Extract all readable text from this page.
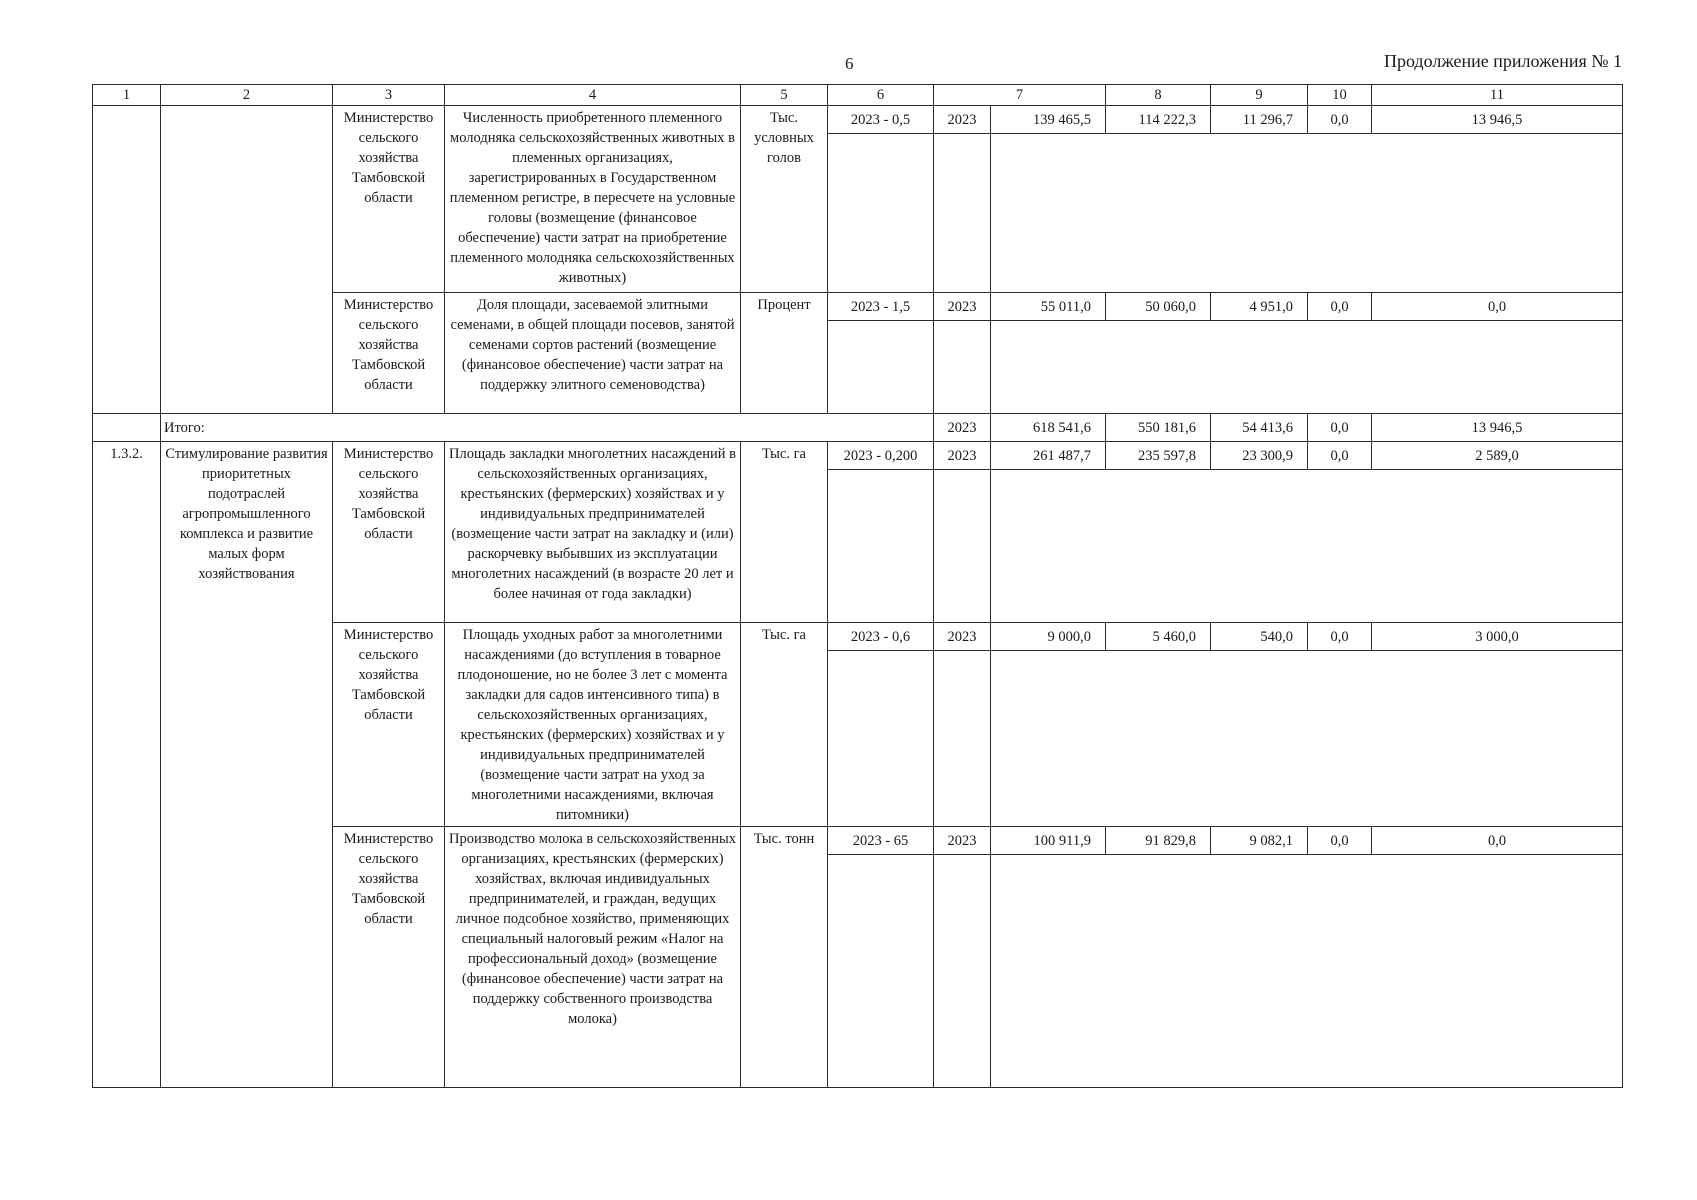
6	Продолжение приложения № 1
1	2	3	4	5	6	7		8	9	10	11
		Министерство сельского хозяйства Тамбовской области	Численность приобретенного племенного молодняка сельскохозяйственных животных в племенных организациях, зарегистрированных в Государственном племенном регистре, в пересчете на условные головы (возмещение (финансовое обеспечение) части затрат на приобретение племенного молодняка сельскохозяйственных животных)	Тыс. условных голов	2023 - 0,5	2023	139 465,5	114 222,3	11 296,7	0,0	13 946,5

		Министерство сельского хозяйства Тамбовской области	Доля площади, засеваемой элитными семенами, в общей площади посевов, занятой семенами сортов растений (возмещение (финансовое обеспечение) части затрат на поддержку элитного семеноводства)	Процент	2023 - 1,5	2023	55 011,0	50 060,0	4 951,0	0,0	0,0

	Итого:					2023	618 541,6	550 181,6	54 413,6	0,0	13 946,5
1.3.2.	Стимулирование развития приоритетных подотраслей агропромышленного комплекса и развитие малых форм хозяйствования	Министерство сельского хозяйства Тамбовской области	Площадь закладки многолетних насаждений в сельскохозяйственных организациях, крестьянских (фермерских) хозяйствах и у индивидуальных предпринимателей (возмещение части затрат на закладку и (или) раскорчевку выбывших из эксплуатации многолетних насаждений (в возрасте 20 лет и более начиная от года закладки)	Тыс. га	2023 - 0,200	2023	261 487,7	235 597,8	23 300,9	0,0	2 589,0

		Министерство сельского хозяйства Тамбовской области	Площадь уходных работ за многолетними насаждениями (до вступления в товарное плодоношение, но не более 3 лет с момента закладки для садов интенсивного типа) в сельскохозяйственных организациях, крестьянских (фермерских) хозяйствах и у индивидуальных предпринимателей (возмещение части затрат на уход за многолетними насаждениями, включая питомники)	Тыс. га	2023 - 0,6	2023	9 000,0	5 460,0	540,0	0,0	3 000,0

		Министерство сельского хозяйства Тамбовской области	Производство молока в сельскохозяйственных организациях, крестьянских (фермерских) хозяйствах, включая индивидуальных предпринимателей, и граждан, ведущих личное подсобное хозяйство, применяющих специальный налоговый режим «Налог на профессиональный доход» (возмещение (финансовое обеспечение) части затрат на поддержку собственного производства молока)	Тыс. тонн	2023 - 65	2023	100 911,9	91 829,8	9 082,1	0,0	0,0
